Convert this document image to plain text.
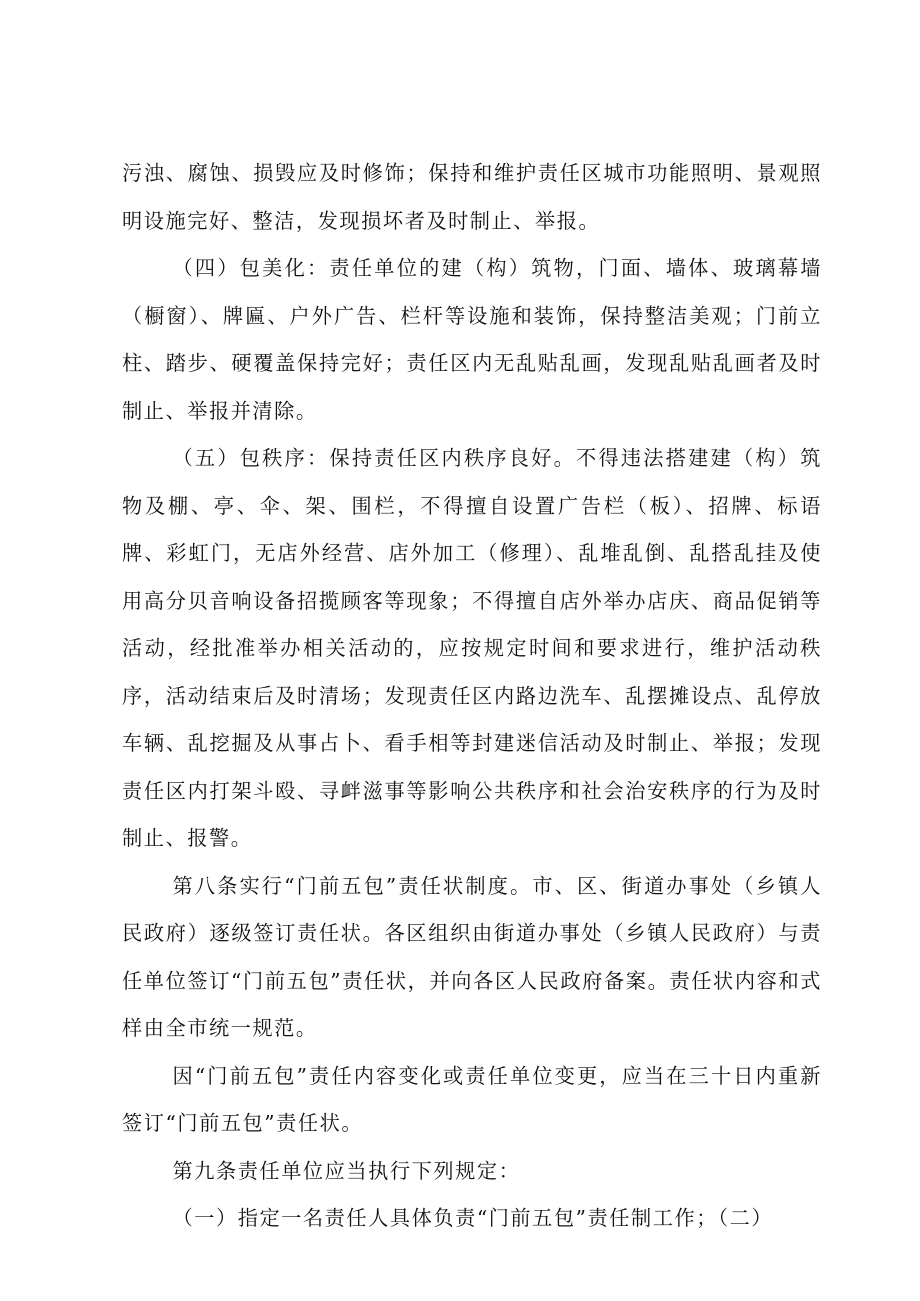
污浊、腐蚀、损毁应及时修饰；保持和维护责任区城市功能照明、景观照明设施完好、整洁，发现损坏者及时制止、举报。

（四）包美化：责任单位的建（构）筑物，门面、墙体、玻璃幕墙（橱窗）、牌匾、户外广告、栏杆等设施和装饰，保持整洁美观；门前立柱、踏步、硬覆盖保持完好；责任区内无乱贴乱画，发现乱贴乱画者及时制止、举报并清除。

（五）包秩序：保持责任区内秩序良好。不得违法搭建建（构）筑物及棚、亭、伞、架、围栏，不得擅自设置广告栏（板）、招牌、标语牌、彩虹门，无店外经营、店外加工（修理）、乱堆乱倒、乱搭乱挂及使用高分贝音响设备招揽顾客等现象；不得擅自店外举办店庆、商品促销等活动，经批准举办相关活动的，应按规定时间和要求进行，维护活动秩序，活动结束后及时清场；发现责任区内路边洗车、乱摆摊设点、乱停放车辆、乱挖掘及从事占卜、看手相等封建迷信活动及时制止、举报；发现责任区内打架斗殴、寻衅滋事等影响公共秩序和社会治安秩序的行为及时制止、报警。

第八条实行“门前五包”责任状制度。市、区、街道办事处（乡镇人民政府）逐级签订责任状。各区组织由街道办事处（乡镇人民政府）与责任单位签订“门前五包”责任状，并向各区人民政府备案。责任状内容和式样由全市统一规范。

因“门前五包”责任内容变化或责任单位变更，应当在三十日内重新签订“门前五包”责任状。

第九条责任单位应当执行下列规定：

（一）指定一名责任人具体负责“门前五包”责任制工作；（二）
